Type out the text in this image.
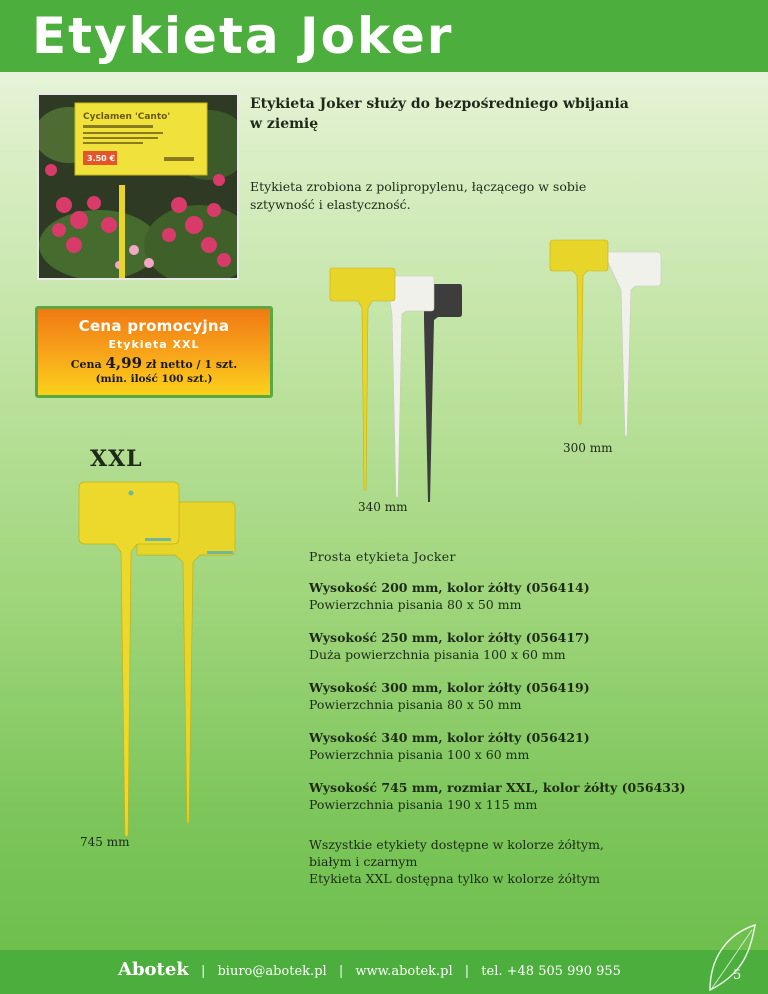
Etykieta Joker
Cyclamen 'Canto'
3.50 €
Etykieta Joker służy do bezpośredniego wbijania
w ziemię
Etykieta zrobiona z polipropylenu, łączącego w sobie
sztywność i elastyczność.
Cena promocyjna
Etykieta XXL
Cena 4,99 zł netto / 1 szt.
(min. ilość 100 szt.)
300 mm
340 mm
XXL
745 mm
Prosta etykieta Jocker
Wysokość 200 mm, kolor żółty (056414)
Powierzchnia pisania 80 x 50 mm
Wysokość 250 mm, kolor żółty (056417)
Duża powierzchnia pisania 100 x 60 mm
Wysokość 300 mm, kolor żółty (056419)
Powierzchnia pisania 80 x 50 mm
Wysokość 340 mm, kolor żółty (056421)
Powierzchnia pisania 100 x 60 mm
Wysokość 745 mm, rozmiar XXL, kolor żółty (056433)
Powierzchnia pisania 190 x 115 mm
Wszystkie etykiety dostępne w kolorze żółtym,
białym i czarnym
Etykieta XXL dostępna tylko w kolorze żółtym
Abotek | biuro@abotek.pl | www.abotek.pl | tel. +48 505 990 955	5
